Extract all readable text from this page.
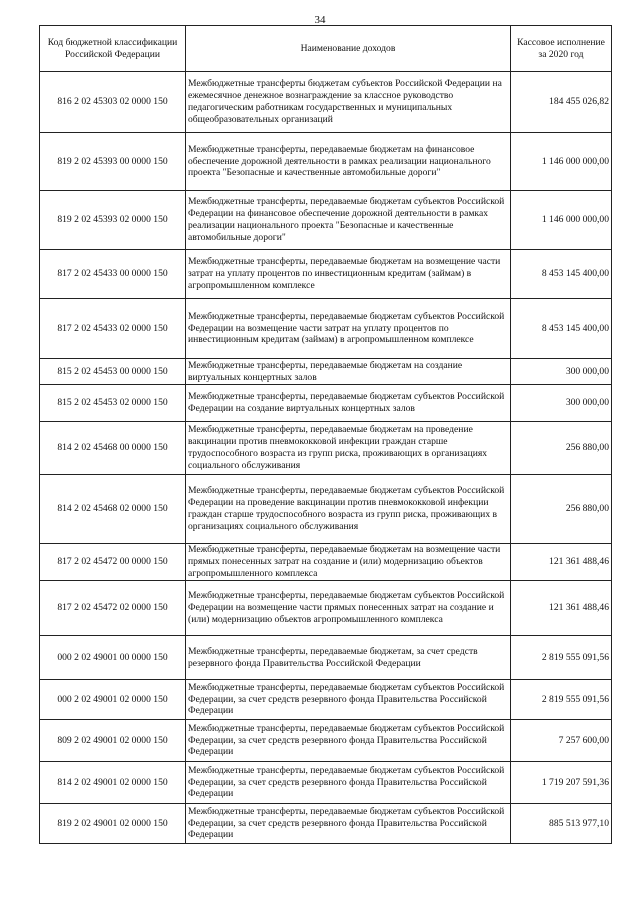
34
Код бюджетной классификации Российской Федерации	Наименование доходов	Кассовое исполнение за 2020 год
816 2 02 45303 02 0000 150	Межбюджетные трансферты бюджетам субъектов Российской Федерации на ежемесячное денежное вознаграждение за классное руководство педагогическим работникам государственных и муниципальных общеобразовательных организаций	184 455 026,82
819 2 02 45393 00 0000 150	Межбюджетные трансферты, передаваемые бюджетам на финансовое обеспечение дорожной деятельности в рамках реализации национального проекта "Безопасные и качественные автомобильные дороги"	1 146 000 000,00
819 2 02 45393 02 0000 150	Межбюджетные трансферты, передаваемые бюджетам субъектов Российской Федерации на финансовое обеспечение дорожной деятельности в рамках реализации национального проекта "Безопасные и качественные автомобильные дороги"	1 146 000 000,00
817 2 02 45433 00 0000 150	Межбюджетные трансферты, передаваемые бюджетам на возмещение части затрат на уплату процентов по инвестиционным кредитам (займам) в агропромышленном комплексе	8 453 145 400,00
817 2 02 45433 02 0000 150	Межбюджетные трансферты, передаваемые бюджетам субъектов Российской Федерации на возмещение части затрат на уплату процентов по инвестиционным кредитам (займам) в агропромышленном комплексе	8 453 145 400,00
815 2 02 45453 00 0000 150	Межбюджетные трансферты, передаваемые бюджетам на создание виртуальных концертных залов	300 000,00
815 2 02 45453 02 0000 150	Межбюджетные трансферты, передаваемые бюджетам субъектов Российской Федерации на создание виртуальных концертных залов	300 000,00
814 2 02 45468 00 0000 150	Межбюджетные трансферты, передаваемые бюджетам на проведение вакцинации против пневмококковой инфекции граждан старше трудоспособного возраста из групп риска, проживающих в организациях социального обслуживания	256 880,00
814 2 02 45468 02 0000 150	Межбюджетные трансферты, передаваемые бюджетам субъектов Российской Федерации на проведение вакцинации против пневмококковой инфекции граждан старше трудоспособного возраста из групп риска, проживающих в организациях социального обслуживания	256 880,00
817 2 02 45472 00 0000 150	Межбюджетные трансферты, передаваемые бюджетам на возмещение части прямых понесенных затрат на создание и (или) модернизацию объектов агропромышленного комплекса	121 361 488,46
817 2 02 45472 02 0000 150	Межбюджетные трансферты, передаваемые бюджетам субъектов Российской Федерации на возмещение части прямых понесенных затрат на создание и (или) модернизацию объектов агропромышленного комплекса	121 361 488,46
000 2 02 49001 00 0000 150	Межбюджетные трансферты, передаваемые бюджетам, за счет средств резервного фонда Правительства Российской Федерации	2 819 555 091,56
000 2 02 49001 02 0000 150	Межбюджетные трансферты, передаваемые бюджетам субъектов Российской Федерации, за счет средств резервного фонда Правительства Российской Федерации	2 819 555 091,56
809 2 02 49001 02 0000 150	Межбюджетные трансферты, передаваемые бюджетам субъектов Российской Федерации, за счет средств резервного фонда Правительства Российской Федерации	7 257 600,00
814 2 02 49001 02 0000 150	Межбюджетные трансферты, передаваемые бюджетам субъектов Российской Федерации, за счет средств резервного фонда Правительства Российской Федерации	1 719 207 591,36
819 2 02 49001 02 0000 150	Межбюджетные трансферты, передаваемые бюджетам субъектов Российской Федерации, за счет средств резервного фонда Правительства Российской Федерации	885 513 977,10
